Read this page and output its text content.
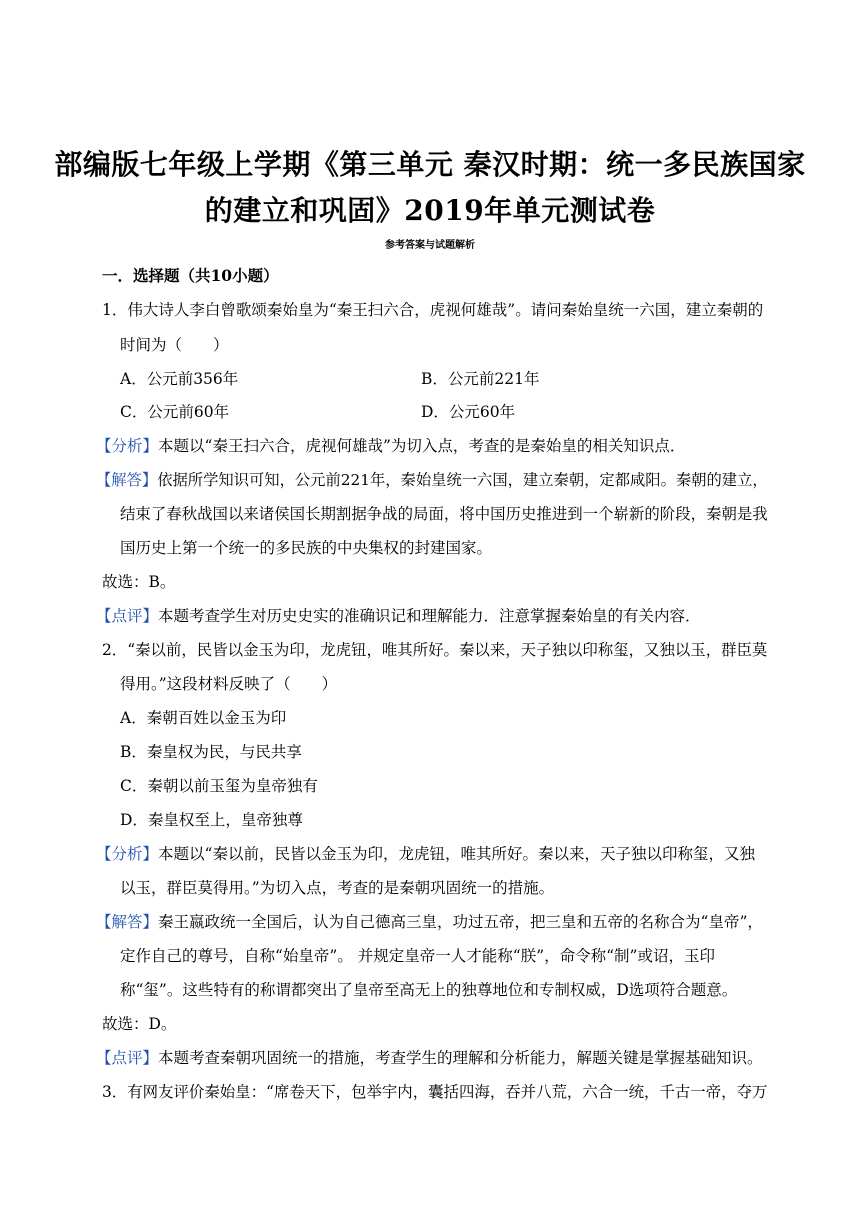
部编版七年级上学期《第三单元 秦汉时期：统一多民族国家
的建立和巩固》2019年单元测试卷
参考答案与试题解析
一．选择题（共10小题）
1．伟大诗人李白曾歌颂秦始皇为“秦王扫六合，虎视何雄哉”。请问秦始皇统一六国，建立秦朝的
时间为（　　）
A．公元前356年	B．公元前221年
C．公元前60年	D．公元60年
【分析】本题以“秦王扫六合，虎视何雄哉”为切入点，考查的是秦始皇的相关知识点．
【解答】依据所学知识可知，公元前221年，秦始皇统一六国，建立秦朝，定都咸阳。秦朝的建立，
结束了春秋战国以来诸侯国长期割据争战的局面，将中国历史推进到一个崭新的阶段，秦朝是我
国历史上第一个统一的多民族的中央集权的封建国家。
故选：B。
【点评】本题考查学生对历史史实的准确识记和理解能力．注意掌握秦始皇的有关内容．
2．“秦以前，民皆以金玉为印，龙虎钮，唯其所好。秦以来，天子独以印称玺，又独以玉，群臣莫
得用。”这段材料反映了（　　）
A．秦朝百姓以金玉为印
B．秦皇权为民，与民共享
C．秦朝以前玉玺为皇帝独有
D．秦皇权至上，皇帝独尊
【分析】本题以“秦以前，民皆以金玉为印，龙虎钮，唯其所好。秦以来，天子独以印称玺，又独
以玉，群臣莫得用。”为切入点，考查的是秦朝巩固统一的措施。
【解答】秦王嬴政统一全国后，认为自己德高三皇，功过五帝，把三皇和五帝的名称合为“皇帝”，
定作自己的尊号，自称“始皇帝”。 并规定皇帝一人才能称“朕”，命令称“制”或诏，玉印
称“玺”。这些特有的称谓都突出了皇帝至高无上的独尊地位和专制权威，D选项符合题意。
故选：D。
【点评】本题考查秦朝巩固统一的措施，考查学生的理解和分析能力，解题关键是掌握基础知识。
3．有网友评价秦始皇：“席卷天下，包举宇内，囊括四海，吞并八荒，六合一统，千古一帝，夺万
